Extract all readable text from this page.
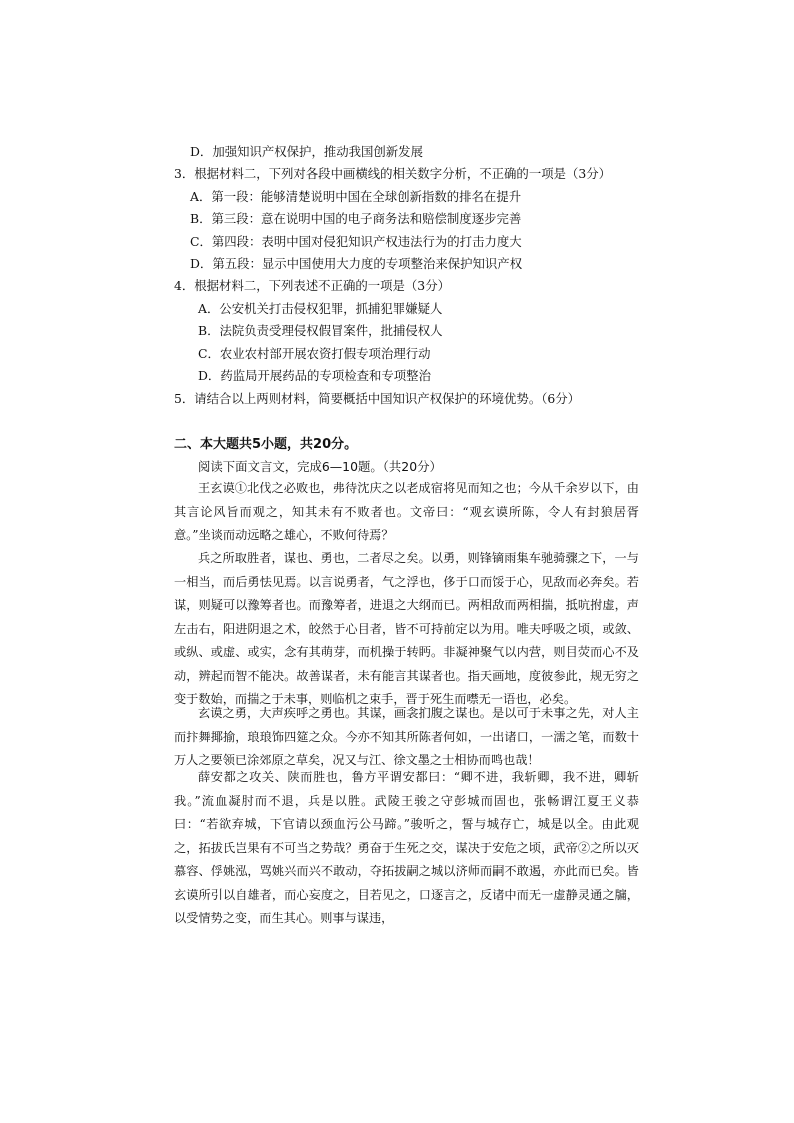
D．加强知识产权保护，推动我国创新发展
3．根据材料二，下列对各段中画横线的相关数字分析，不正确的一项是（3分）
A．第一段：能够清楚说明中国在全球创新指数的排名在提升
B．第三段：意在说明中国的电子商务法和赔偿制度逐步完善
C．第四段：表明中国对侵犯知识产权违法行为的打击力度大
D．第五段：显示中国使用大力度的专项整治来保护知识产权
4．根据材料二，下列表述不正确的一项是（3分）
A．公安机关打击侵权犯罪，抓捕犯罪嫌疑人
B．法院负责受理侵权假冒案件，批捕侵权人
C．农业农村部开展农资打假专项治理行动
D．药监局开展药品的专项检查和专项整治
5．请结合以上两则材料，简要概括中国知识产权保护的环境优势。（6分）
二、本大题共5小题，共20分。
阅读下面文言文，完成6—10题。（共20分）

王玄谟①北伐之必败也，弗待沈庆之以老成宿将见而知之也；今从千余岁以下，由其言论风旨而观之，知其未有不败者也。文帝曰：“观玄谟所陈，令人有封狼居胥意。”坐谈而动远略之雄心，不败何待焉？

兵之所取胜者，谋也、勇也，二者尽之矣。以勇，则锋镝雨集车驰骑骤之下，一与一相当，而后勇怯见焉。以言说勇者，气之浮也，侈于口而馁于心，见敌而必奔矣。若谋，则疑可以豫筹者也。而豫筹者，进退之大纲而已。两相敌而两相揣，抵吭拊虚，声左击右，阳进阴退之术，皎然于心目者，皆不可持前定以为用。唯夫呼吸之顷，或敛、或纵、或虚、或实，念有其萌芽，而机操于转眄。非凝神聚气以内营，则目荧而心不及动，辨起而智不能决。故善谋者，未有能言其谋者也。指天画地，度彼参此，规无穷之变于数始，而揣之于未事，则临机之束手，晋于死生而噤无一语也，必矣。

玄谟之勇，大声疾呼之勇也。其谋，画衾扪腹之谋也。是以可于未事之先，对人主而抃舞揶揄，琅琅饰四筵之众。今亦不知其所陈者何如，一出诸口，一濡之笔，而数十万人之要领已涂郊原之草矣，况又与江、徐文墨之士相协而鸣也哉！

薛安都之攻关、陕而胜也，鲁方平谓安都曰：“卿不进，我斩卿，我不进，卿斩我。”流血凝肘而不退，兵是以胜。武陵王骏之守彭城而固也，张畅谓江夏王义恭曰：“若欲弃城，下官请以颈血污公马蹄。”骏听之，誓与城存亡，城是以全。由此观之，拓拔氏岂果有不可当之势哉？勇奋于生死之交，谋决于安危之顷，武帝②之所以灭慕容、俘姚泓，骂姚兴而兴不敢动，夺拓拔嗣之城以济师而嗣不敢遏，亦此而已矣。皆玄谟所引以自雄者，而心妄度之，目若见之，口逐言之，反诸中而无一虚静灵通之牖，以受情势之变，而生其心。则事与谋违，
